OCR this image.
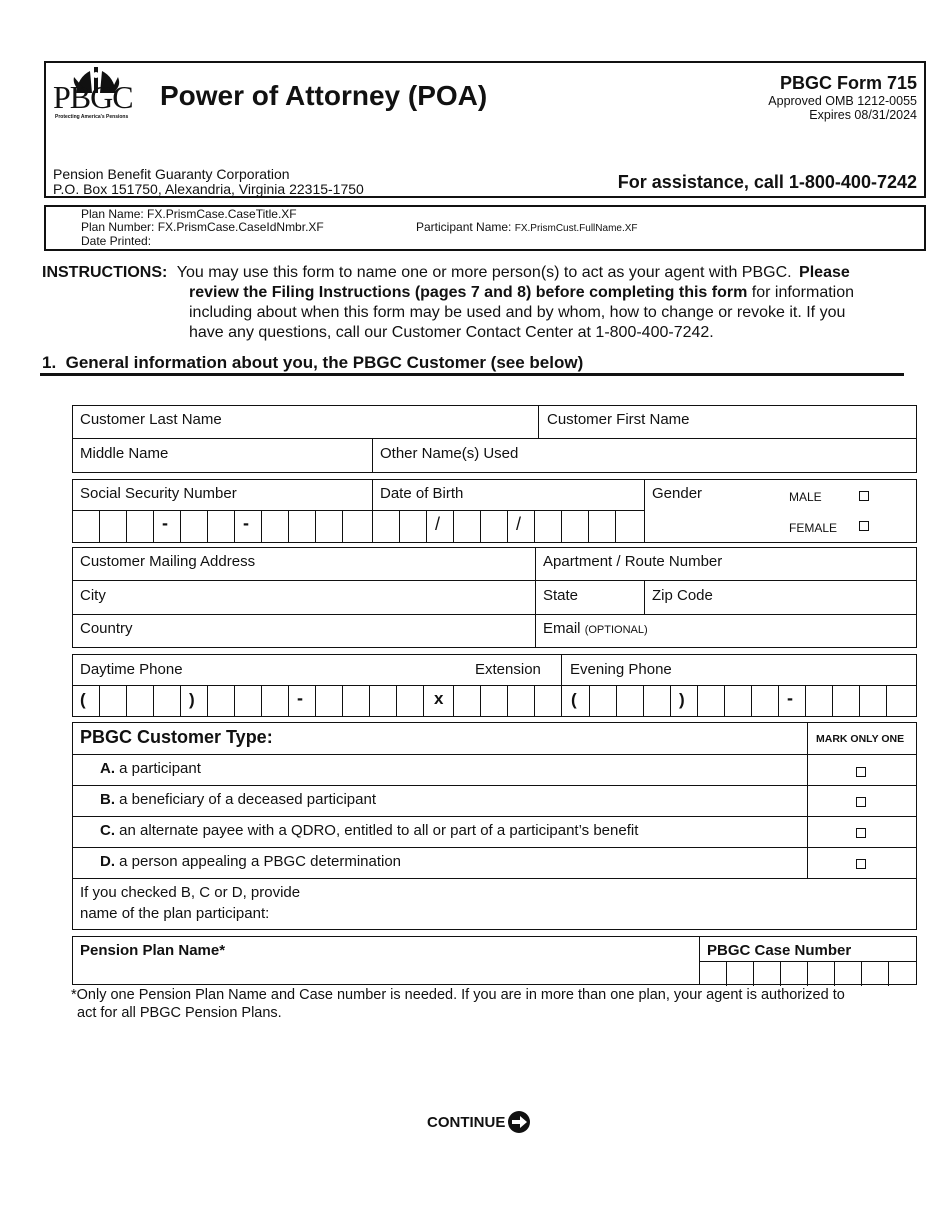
PBGC
Protecting America's Pensions
Power of Attorney (POA)	PBGC Form 715
Approved OMB 1212-0055
Expires 08/31/2024
Pension Benefit Guaranty Corporation
P.O. Box 151750, Alexandria, Virginia 22315-1750	For assistance, call 1-800-400-7242
Plan Name: FX.PrismCase.CaseTitle.XF
Plan Number: FX.PrismCase.CaseIdNmbr.XF
Date Printed:
Participant Name: FX.PrismCust.FullName.XF
INSTRUCTIONS: You may use this form to name one or more person(s) to act as your agent with PBGC. Please
review the Filing Instructions (pages 7 and 8) before completing this form for information
including about when this form may be used and by whom, how to change or revoke it. If you
have any questions, call our Customer Contact Center at 1-800-400-7242.
1.  General information about you, the PBGC Customer (see below)
Customer Last Name	Customer First Name
Middle Name	Other Name(s) Used
Social Security Number	Date of Birth	Gender	MALE
FEMALE
-	-	/	/
Customer Mailing Address	Apartment / Route Number
City	State	Zip Code
Country	Email (OPTIONAL)
Daytime Phone	Extension Evening Phone
(	)	-	x	(	)	-
PBGC Customer Type:	MARK ONLY ONE
A. a participant
B. a beneficiary of a deceased participant
C. an alternate payee with a QDRO, entitled to all or part of a participant’s benefit
D. a person appealing a PBGC determination
If you checked B, C or D, provide
name of the plan participant:
Pension Plan Name*	PBGC Case Number
*Only one Pension Plan Name and Case number is needed. If you are in more than one plan, your agent is authorized to
act for all PBGC Pension Plans.
CONTINUE
